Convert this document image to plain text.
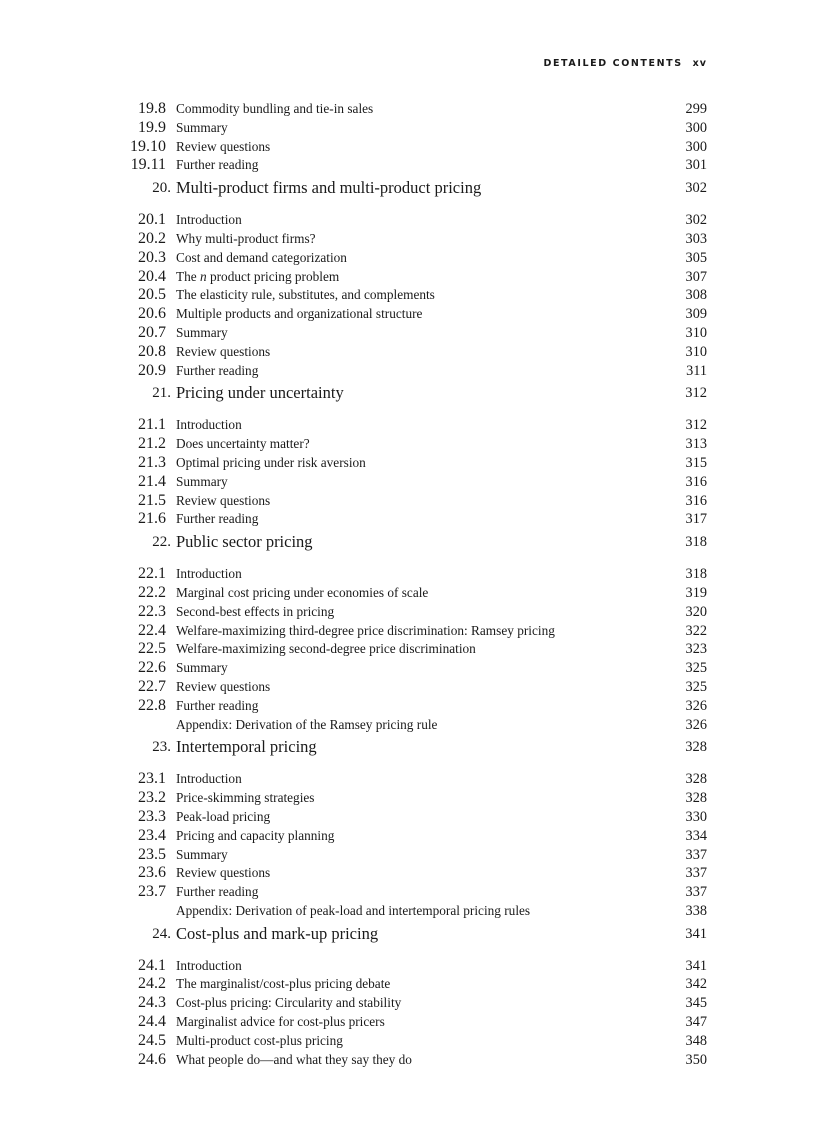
DETAILED CONTENTS xv
19.8 Commodity bundling and tie-in sales	299
19.9 Summary	300
19.10 Review questions	300
19.11 Further reading	301
20. Multi-product firms and multi-product pricing	302
20.1 Introduction	302
20.2 Why multi-product firms?	303
20.3 Cost and demand categorization	305
20.4 The n product pricing problem	307
20.5 The elasticity rule, substitutes, and complements	308
20.6 Multiple products and organizational structure	309
20.7 Summary	310
20.8 Review questions	310
20.9 Further reading	311
21. Pricing under uncertainty	312
21.1 Introduction	312
21.2 Does uncertainty matter?	313
21.3 Optimal pricing under risk aversion	315
21.4 Summary	316
21.5 Review questions	316
21.6 Further reading	317
22. Public sector pricing	318
22.1 Introduction	318
22.2 Marginal cost pricing under economies of scale	319
22.3 Second-best effects in pricing	320
22.4 Welfare-maximizing third-degree price discrimination: Ramsey pricing	322
22.5 Welfare-maximizing second-degree price discrimination	323
22.6 Summary	325
22.7 Review questions	325
22.8 Further reading	326
Appendix: Derivation of the Ramsey pricing rule	326
23. Intertemporal pricing	328
23.1 Introduction	328
23.2 Price-skimming strategies	328
23.3 Peak-load pricing	330
23.4 Pricing and capacity planning	334
23.5 Summary	337
23.6 Review questions	337
23.7 Further reading	337
Appendix: Derivation of peak-load and intertemporal pricing rules	338
24. Cost-plus and mark-up pricing	341
24.1 Introduction	341
24.2 The marginalist/cost-plus pricing debate	342
24.3 Cost-plus pricing: Circularity and stability	345
24.4 Marginalist advice for cost-plus pricers	347
24.5 Multi-product cost-plus pricing	348
24.6 What people do—and what they say they do	350
